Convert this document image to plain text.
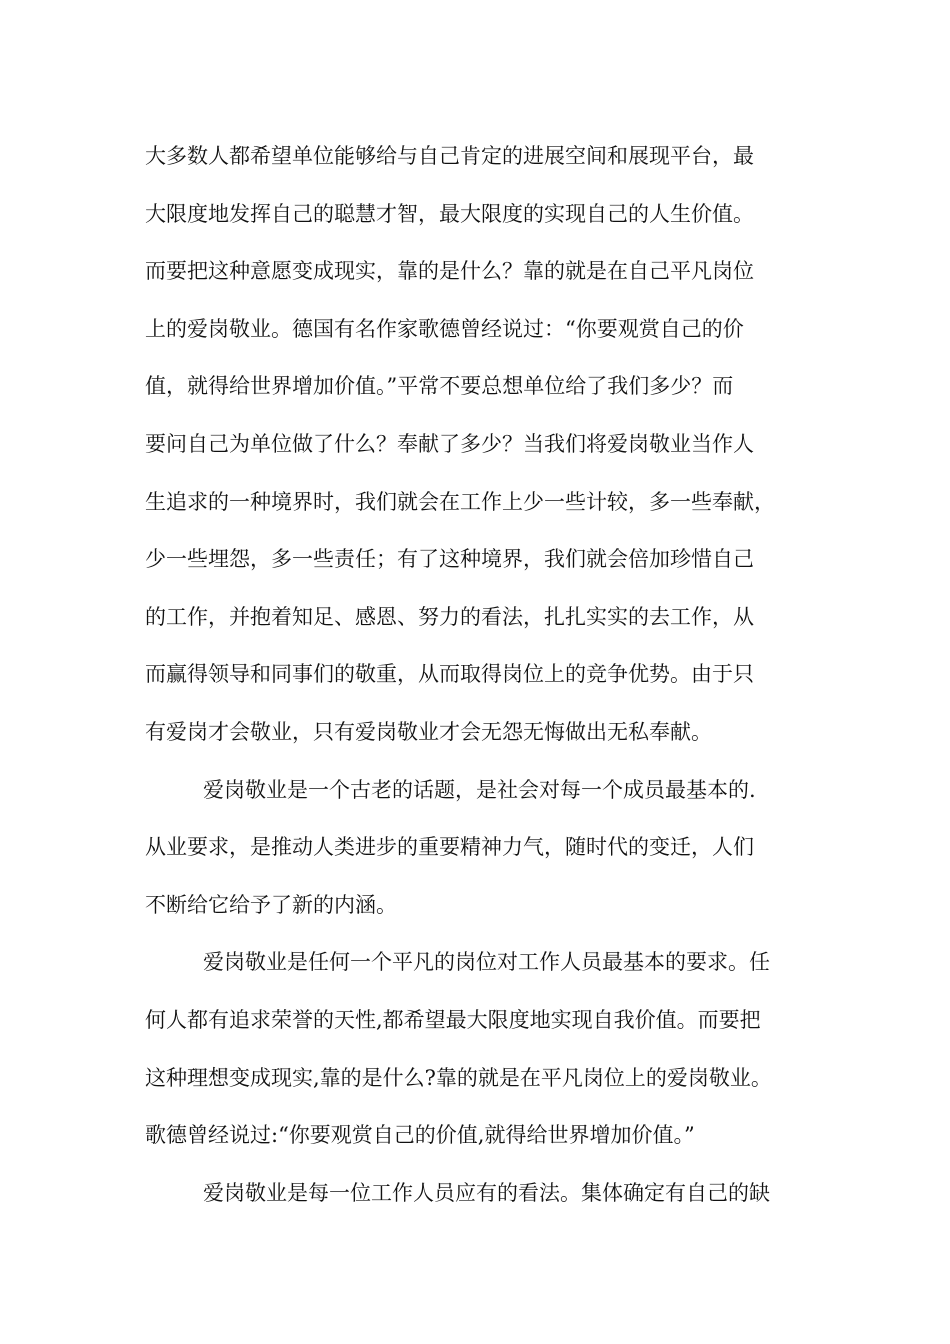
大多数人都希望单位能够给与自己肯定的进展空间和展现平台，最
大限度地发挥自己的聪慧才智，最大限度的实现自己的人生价值。
而要把这种意愿变成现实，靠的是什么？靠的就是在自己平凡岗位
上的爱岗敬业。德国有名作家歌德曾经说过：“你要观赏自己的价
值，就得给世界增加价值。”平常不要总想单位给了我们多少？而
要问自己为单位做了什么？奉献了多少？当我们将爱岗敬业当作人
生追求的一种境界时，我们就会在工作上少一些计较，多一些奉献，
少一些埋怨，多一些责任；有了这种境界，我们就会倍加珍惜自己
的工作，并抱着知足、感恩、努力的看法，扎扎实实的去工作，从
而赢得领导和同事们的敬重，从而取得岗位上的竞争优势。由于只
有爱岗才会敬业，只有爱岗敬业才会无怨无悔做出无私奉献。
爱岗敬业是一个古老的话题，是社会对每一个成员最基本的.
从业要求，是推动人类进步的重要精神力气，随时代的变迁，人们
不断给它给予了新的内涵。
爱岗敬业是任何一个平凡的岗位对工作人员最基本的要求。任
何人都有追求荣誉的天性,都希望最大限度地实现自我价值。而要把
这种理想变成现实,靠的是什么?靠的就是在平凡岗位上的爱岗敬业。
歌德曾经说过:“你要观赏自己的价值,就得给世界增加价值。”
爱岗敬业是每一位工作人员应有的看法。集体确定有自己的缺
